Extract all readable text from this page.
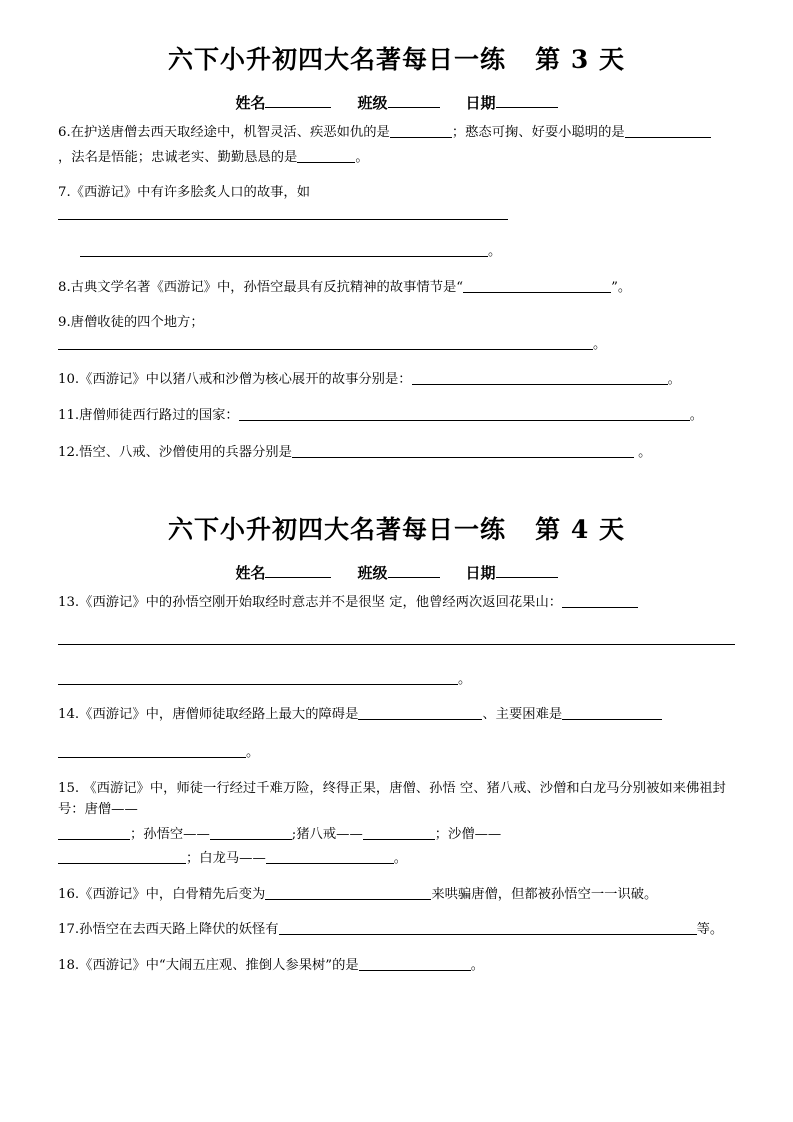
六下小升初四大名著每日一练   第 3 天
姓名	班级	日期
6.在护送唐僧去西天取经途中，机智灵活、疾恶如仇的是	；憨态可掬、好耍小聪明的是
，法名是悟能；忠诚老实、勤勤恳恳的是	。
7.《西游记》中有许多脍炙人口的故事，如
。
8.古典文学名著《西游记》中，孙悟空最具有反抗精神的故事情节是“	”。
9.唐僧收徒的四个地方；。
10.《西游记》中以猪八戒和沙僧为核心展开的故事分别是：	。
11.唐僧师徒西行路过的国家：	。
12.悟空、八戒、沙僧使用的兵器分别是	。
六下小升初四大名著每日一练   第 4 天
姓名	班级	日期
13.《西游记》中的孙悟空刚开始取经时意志并不是很坚 定，他曾经两次返回花果山：
。
14.《西游记》中，唐僧师徒取经路上最大的障碍是	、主要困难是
。
15. 《西游记》中，师徒一行经过千难万险，终得正果，唐僧、孙悟 空、猪八戒、沙僧和白龙马分别被如来佛祖封号：唐僧——
；孙悟空——	;猪八戒——	；沙僧——
；白龙马——	。
16.《西游记》中，白骨精先后变为	来哄骗唐僧，但都被孙悟空一一识破。
17.孙悟空在去西天路上降伏的妖怪有	等。
18.《西游记》中“大闹五庄观、推倒人参果树”的是	。
